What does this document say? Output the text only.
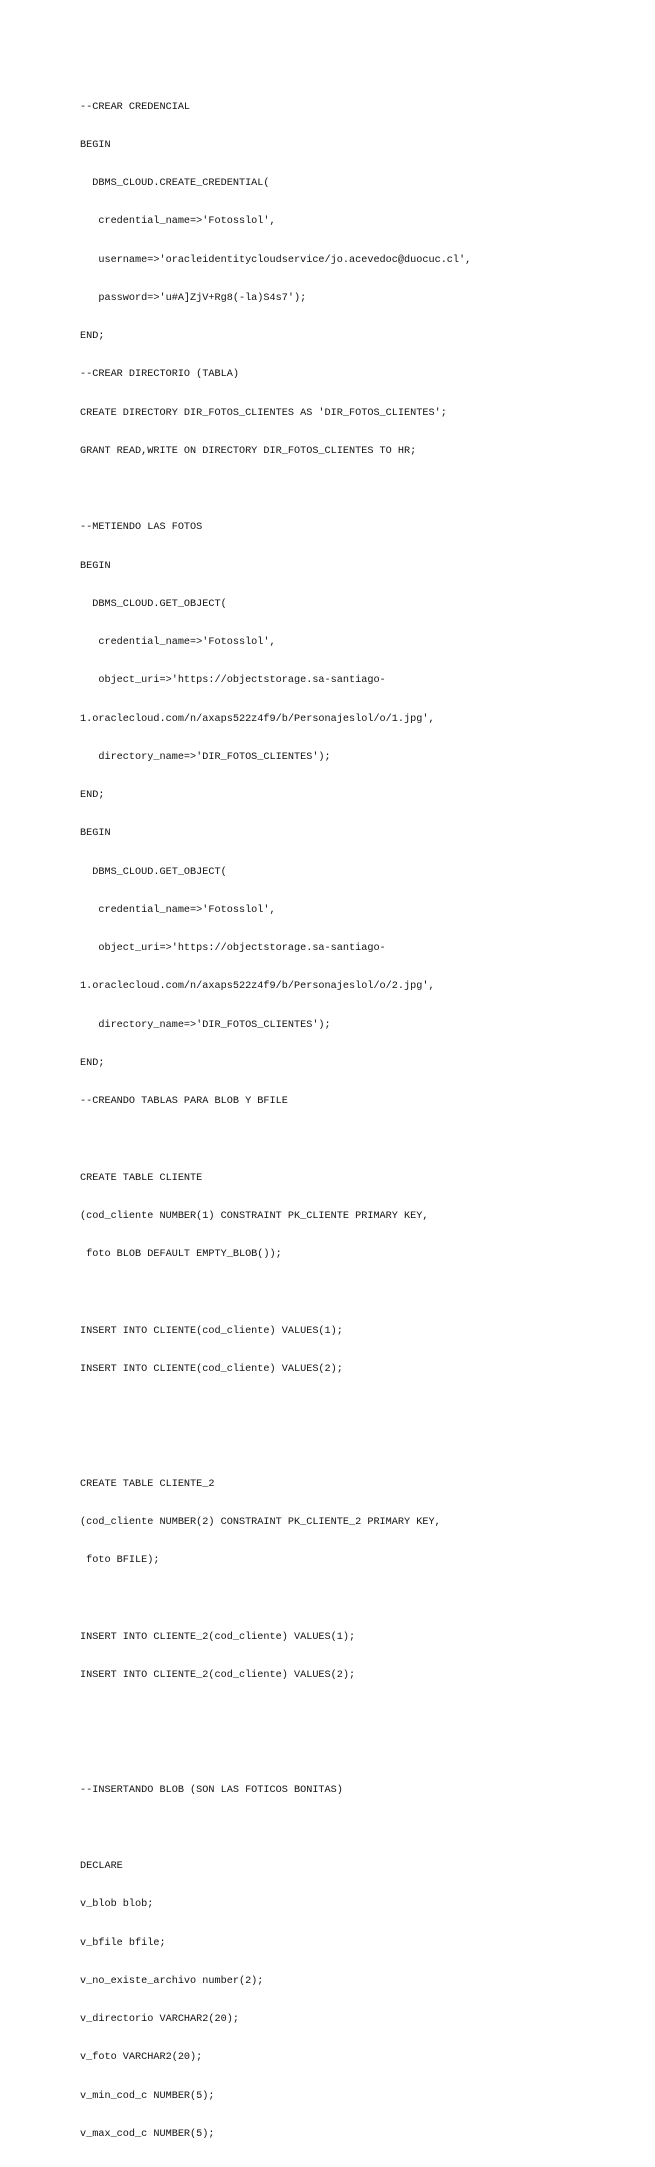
--CREAR CREDENCIAL

BEGIN

DBMS_CLOUD.CREATE_CREDENTIAL(

credential_name=>'Fotosslol',

username=>'oracleidentitycloudservice/jo.acevedoc@duocuc.cl',

password=>'u#A]ZjV+Rg8(-la)S4s7');

END;

--CREAR DIRECTORIO (TABLA)

CREATE DIRECTORY DIR_FOTOS_CLIENTES AS 'DIR_FOTOS_CLIENTES';

GRANT READ,WRITE ON DIRECTORY DIR_FOTOS_CLIENTES TO HR;

--METIENDO LAS FOTOS

BEGIN

DBMS_CLOUD.GET_OBJECT(

credential_name=>'Fotosslol',

object_uri=>'https://objectstorage.sa-santiago-

1.oraclecloud.com/n/axaps522z4f9/b/Personajeslol/o/1.jpg',

directory_name=>'DIR_FOTOS_CLIENTES');

END;

BEGIN

DBMS_CLOUD.GET_OBJECT(

credential_name=>'Fotosslol',

object_uri=>'https://objectstorage.sa-santiago-

1.oraclecloud.com/n/axaps522z4f9/b/Personajeslol/o/2.jpg',

directory_name=>'DIR_FOTOS_CLIENTES');

END;

--CREANDO TABLAS PARA BLOB Y BFILE

CREATE TABLE CLIENTE

(cod_cliente NUMBER(1) CONSTRAINT PK_CLIENTE PRIMARY KEY,

foto BLOB DEFAULT EMPTY_BLOB());

INSERT INTO CLIENTE(cod_cliente) VALUES(1);

INSERT INTO CLIENTE(cod_cliente) VALUES(2);

CREATE TABLE CLIENTE_2

(cod_cliente NUMBER(2) CONSTRAINT PK_CLIENTE_2 PRIMARY KEY,

foto BFILE);

INSERT INTO CLIENTE_2(cod_cliente) VALUES(1);

INSERT INTO CLIENTE_2(cod_cliente) VALUES(2);

--INSERTANDO BLOB (SON LAS FOTICOS BONITAS)

DECLARE

v_blob blob;

v_bfile bfile;

v_no_existe_archivo number(2);

v_directorio VARCHAR2(20);

v_foto VARCHAR2(20);

v_min_cod_c NUMBER(5);

v_max_cod_c NUMBER(5);
